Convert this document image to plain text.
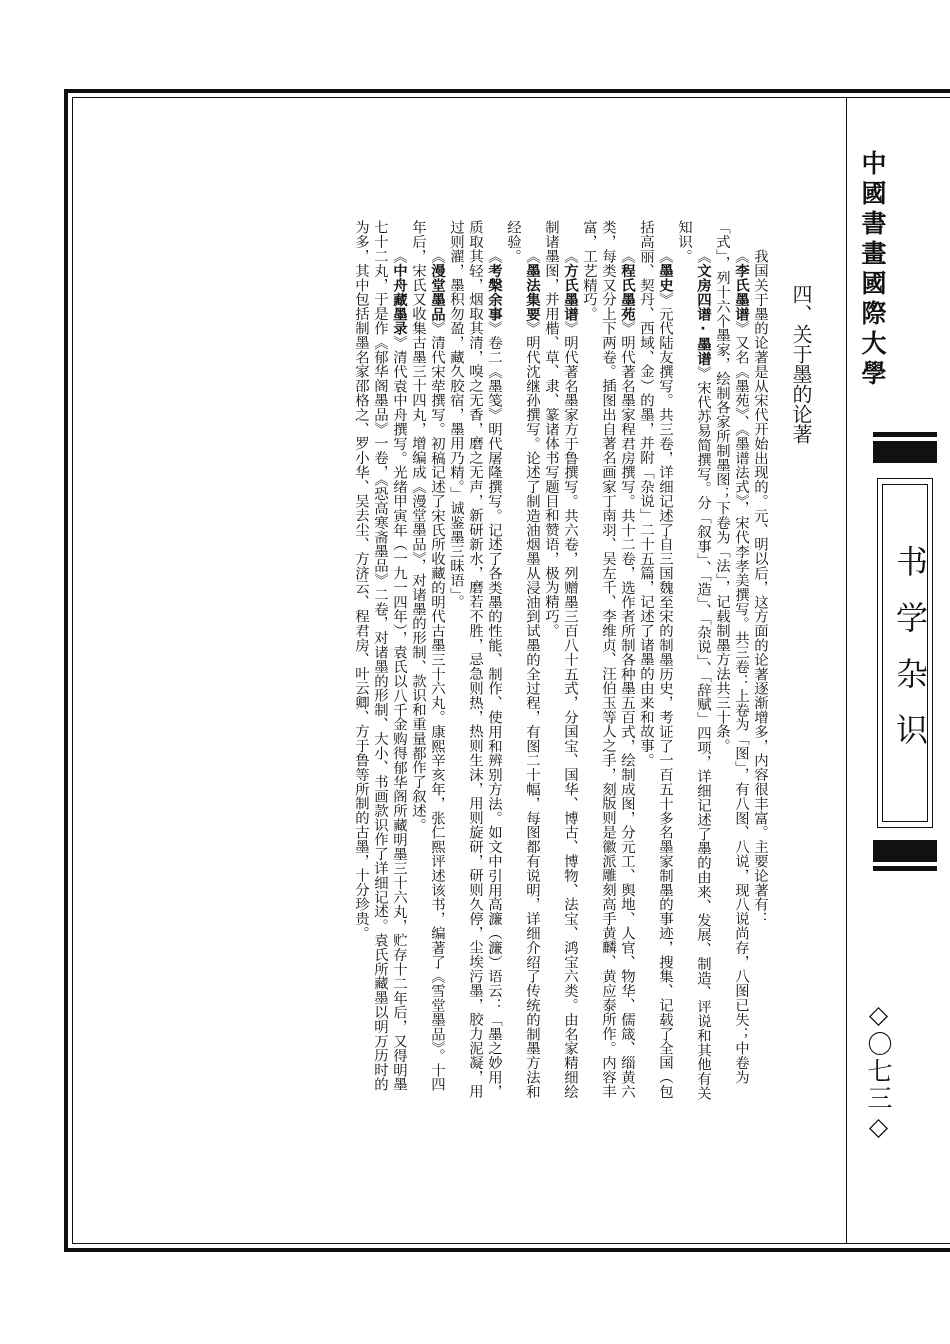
中國書畫國際大學
书学杂识
◇〇七三◇

四、关于墨的论著

我国关于墨的论著是从宋代开始出现的。元、明以后，这方面的论著逐渐增多，内容很丰富。主要论著有：

《李氏墨谱》又名《墨苑》、《墨谱法式》，宋代李孝美撰写。共三卷：上卷为「图」，有八图、八说，现八说尚存，八图已失；中卷为「式」，列十六个墨家，绘制各家所制墨图；下卷为「法」，记载制墨方法共三十条。

《文房四谱·墨谱》宋代苏易简撰写。分「叙事」、「造」、「杂说」、「辞赋」四项，详细记述了墨的由来、发展、制造、评说和其他有关知识。

《墨史》元代陆友撰写。共三卷，详细记述了自三国魏至宋的制墨历史，考证了一百五十多名墨家制墨的事迹，搜集、记载了全国（包括高丽、契丹、西域、金）的墨，并附「杂说」二十五篇，记述了诸墨的由来和故事。

《程氏墨苑》明代著名墨家程君房撰写。共十二卷，选作者所制各种墨五百式，绘制成图，分元工、舆地、人官、物华、儒箴、缁黄六类，每类又分上下两卷。插图出自著名画家丁南羽、吴左千、李维贞、汪伯玉等人之手，刻版则是徽派雕刻高手黄麟、黄应泰所作。内容丰富，工艺精巧。

《方氏墨谱》明代著名墨家方于鲁撰写。共六卷，列赠墨三百八十五式，分国宝、国华、博古、博物、法宝、鸿宝六类。由名家精细绘制诸墨图，并用楷、草、隶、篆诸体书写题目和赞语，极为精巧。

《墨法集要》明代沈继孙撰写。论述了制造油烟墨从浸油到试墨的全过程，有图二十幅，每图都有说明，详细介绍了传统的制墨方法和经验。

《考槃余事》卷二《墨笺》明代屠隆撰写。记述了各类墨的性能、制作、使用和辨别方法。如文中引用高濂（濂）语云：「墨之妙用，质取其轻，烟取其清，嗅之无香，磨之无声，新研新水，磨若不胜，忌急则热，热则生沫，用则旋研，研则久停，尘埃污墨，胶力泥凝，用过则濯，墨积勿盈，藏久胶宿，墨用乃精。」诚鉴墨三昧语」。

《漫堂墨品》清代宋荦撰写。初稿记述了宋氏所收藏的明代古墨三十六丸。康熙辛亥年，张仁熙评述该书，编著了《雪堂墨品》。十四年后，宋氏又收集古墨三十四丸，增编成《漫堂墨品》，对诸墨的形制、款识和重量都作了叙述。

《中舟藏墨录》清代袁中舟撰写。光绪甲寅年（一九一四年），袁氏以八千金购得郁华阁所藏明墨三十六丸，贮存十二年后，又得明墨七十二丸，于是作《郁华阁墨品》一卷，《恐高寒斋墨品》二卷，对诸墨的形制、大小、书画款识作了详细记述。袁氏所藏墨以明万历时的为多，其中包括制墨名家邵格之、罗小华、吴去尘、方济云、程君房、叶云卿、方于鲁等所制的古墨，十分珍贵。
